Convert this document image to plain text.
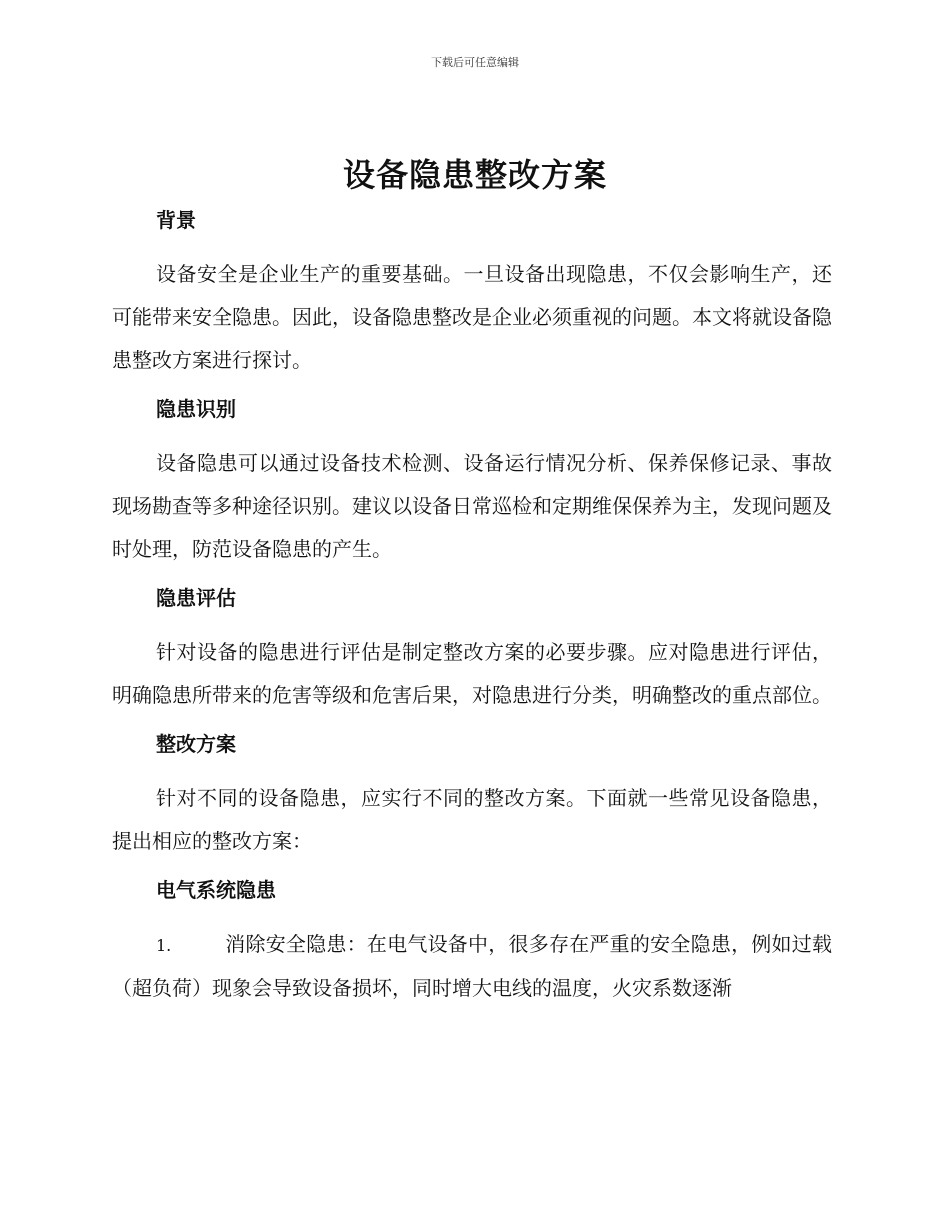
下载后可任意编辑
设备隐患整改方案
背景

设备安全是企业生产的重要基础。一旦设备出现隐患，不仅会影响生产，还可能带来安全隐患。因此，设备隐患整改是企业必须重视的问题。本文将就设备隐患整改方案进行探讨。

隐患识别

设备隐患可以通过设备技术检测、设备运行情况分析、保养保修记录、事故现场勘查等多种途径识别。建议以设备日常巡检和定期维保保养为主，发现问题及时处理，防范设备隐患的产生。

隐患评估

针对设备的隐患进行评估是制定整改方案的必要步骤。应对隐患进行评估，明确隐患所带来的危害等级和危害后果，对隐患进行分类，明确整改的重点部位。

整改方案

针对不同的设备隐患，应实行不同的整改方案。下面就一些常见设备隐患，提出相应的整改方案：

电气系统隐患

1.	消除安全隐患：在电气设备中，很多存在严重的安全隐患，例如过载（超负荷）现象会导致设备损坏，同时增大电线的温度，火灾系数逐渐
